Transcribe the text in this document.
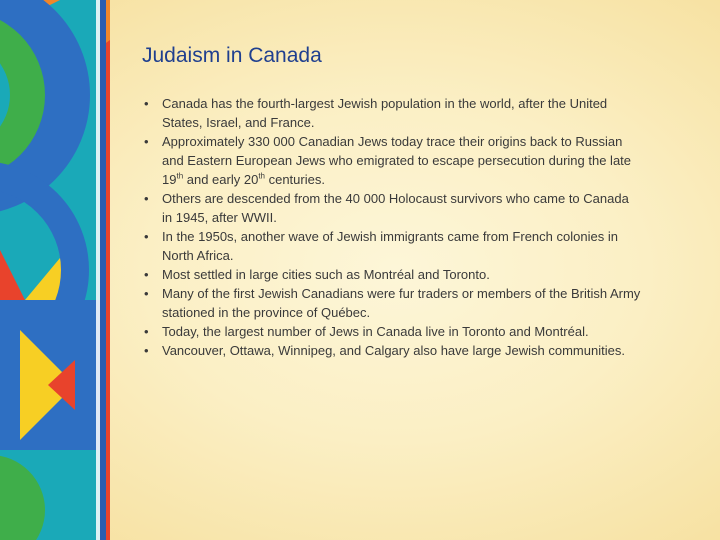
Judaism in Canada
• Canada has the fourth-largest Jewish population in the world, after the United States, Israel, and France.
• Approximately 330 000 Canadian Jews today trace their origins back to Russian and Eastern European Jews who emigrated to escape persecution during the late 19th and early 20th centuries.
• Others are descended from the 40 000 Holocaust survivors who came to Canada in 1945, after WWII.
• In the 1950s, another wave of Jewish immigrants came from French colonies in North Africa.
• Most settled in large cities such as Montréal and Toronto.
• Many of the first Jewish Canadians were fur traders or members of the British Army stationed in the province of Québec.
• Today, the largest number of Jews in Canada live in Toronto and Montréal.
• Vancouver, Ottawa, Winnipeg, and Calgary also have large Jewish communities.
